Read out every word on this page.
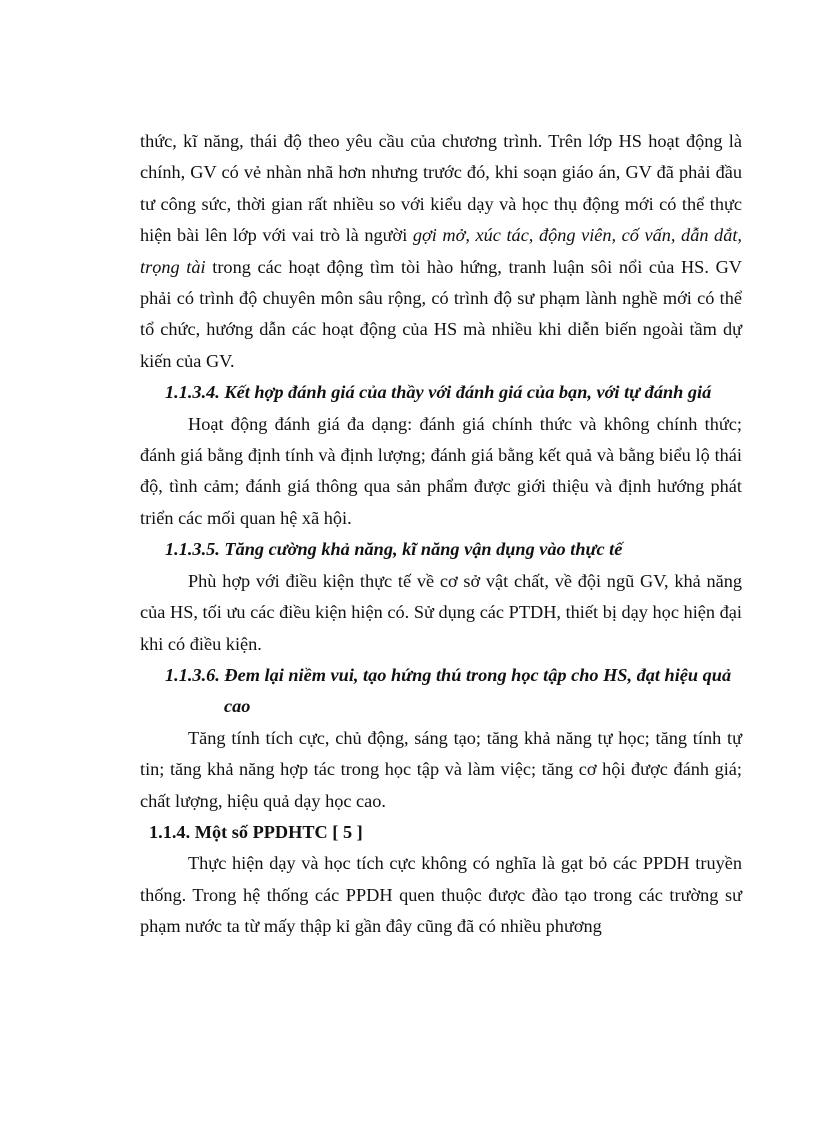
thức, kĩ năng, thái độ theo yêu cầu của chương trình. Trên lớp HS hoạt động là chính, GV có vẻ nhàn nhã hơn nhưng trước đó, khi soạn giáo án, GV đã phải đầu tư công sức, thời gian rất nhiều so với kiểu dạy và học thụ động mới có thể thực hiện bài lên lớp với vai trò là người gợi mở, xúc tác, động viên, cố vấn, dẫn dắt, trọng tài trong các hoạt động tìm tòi hào hứng, tranh luận sôi nổi của HS. GV phải có trình độ chuyên môn sâu rộng, có trình độ sư phạm lành nghề mới có thể tổ chức, hướng dẫn các hoạt động của HS mà nhiều khi diễn biến ngoài tầm dự kiến của GV.

1.1.3.4. Kết hợp đánh giá của thầy với đánh giá của bạn, với tự đánh giá

Hoạt động đánh giá đa dạng: đánh giá chính thức và không chính thức; đánh giá bằng định tính và định lượng; đánh giá bằng kết quả và bằng biểu lộ thái độ, tình cảm; đánh giá thông qua sản phẩm được giới thiệu và định hướng phát triển các mối quan hệ xã hội.

1.1.3.5. Tăng cường khả năng, kĩ năng vận dụng vào thực tế

Phù hợp với điều kiện thực tế về cơ sở vật chất, về đội ngũ GV, khả năng của HS, tối ưu các điều kiện hiện có. Sử dụng các PTDH, thiết bị dạy học hiện đại khi có điều kiện.

1.1.3.6. Đem lại niềm vui, tạo hứng thú trong học tập cho HS, đạt hiệu quả cao

Tăng tính tích cực, chủ động, sáng tạo; tăng khả năng tự học; tăng tính tự tin; tăng khả năng hợp tác trong học tập và làm việc; tăng cơ hội được đánh giá; chất lượng, hiệu quả dạy học cao.

1.1.4. Một số PPDHTC [ 5 ]

Thực hiện dạy và học tích cực không có nghĩa là gạt bỏ các PPDH truyền thống. Trong hệ thống các PPDH quen thuộc được đào tạo trong các trường sư phạm nước ta từ mấy thập kỉ gần đây cũng đã có nhiều phương
